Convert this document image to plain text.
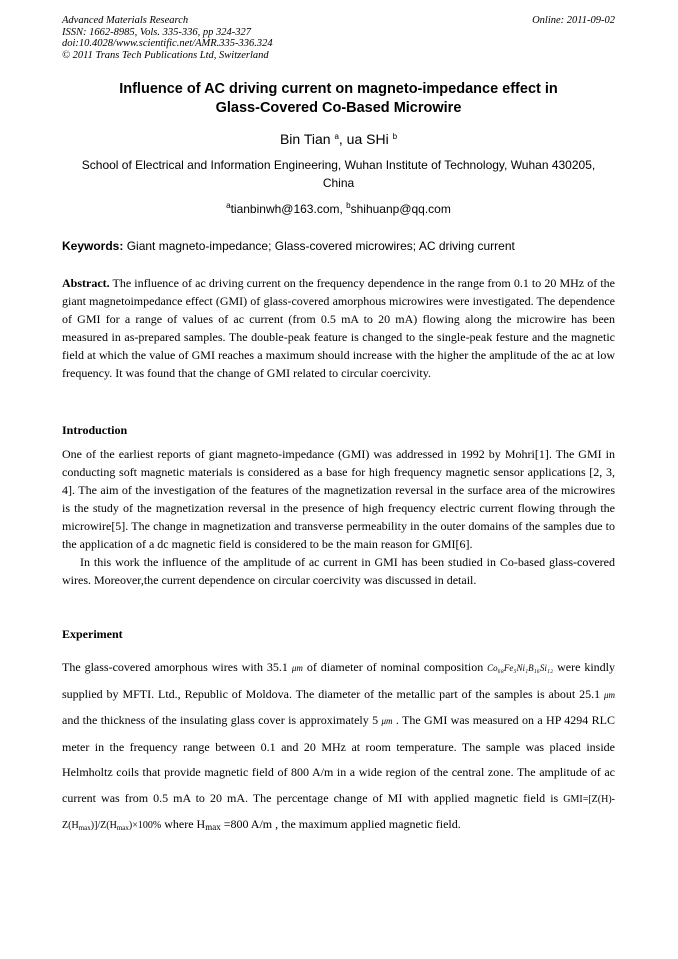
Advanced Materials Research
ISSN: 1662-8985, Vols. 335-336, pp 324-327
doi:10.4028/www.scientific.net/AMR.335-336.324
© 2011 Trans Tech Publications Ltd, Switzerland
Online: 2011-09-02
Influence of AC driving current on magneto-impedance effect in
Glass-Covered Co-Based Microwire
Bin Tian $^a$, ua SHi $^b$
School of Electrical and Information Engineering, Wuhan Institute of Technology, Wuhan 430205,
China
$^a$tianbinwh@163.com, $^b$shihuanp@qq.com
Keywords: Giant magneto-impedance; Glass-covered microwires; AC driving current
Abstract. The influence of ac driving current on the frequency dependence in the range from 0.1 to 20 MHz of the giant magnetoimpedance effect (GMI) of glass-covered amorphous microwires were investigated. The dependence of GMI for a range of values of ac current (from 0.5 mA to 20 mA) flowing along the microwire has been measured in as-prepared samples. The double-peak feature is changed to the single-peak festure and the magnetic field at which the value of GMI reaches a maximum should increase with the higher the amplitude of the ac at low frequency. It was found that the change of GMI related to circular coercivity.
Introduction

One of the earliest reports of giant magneto-impedance (GMI) was addressed in 1992 by Mohri[1]. The GMI in conducting soft magnetic materials is considered as a base for high frequency magnetic sensor applications [2, 3, 4]. The aim of the investigation of the features of the magnetization reversal in the surface area of the microwires is the study of the magnetization reversal in the presence of high frequency electric current flowing through the microwire[5]. The change in magnetization and transverse permeability in the outer domains of the samples due to the application of a dc magnetic field is considered to be the main reason for GMI[6].

In this work the influence of the amplitude of ac current in GMI has been studied in Co-based glass-covered wires. Moreover,the current dependence on circular coercivity was discussed in detail.

Experiment
The glass-covered amorphous wires with 35.1 μm of diameter of nominal composition Co₆₈Fe₅Ni₁B₁₆Si₁₂ were kindly supplied by MFTI. Ltd., Republic of Moldova. The diameter of the metallic part of the samples is about 25.1 μm and the thickness of the insulating glass cover is approximately 5 μm . The GMI was measured on a HP 4294 RLC meter in the frequency range between 0.1 and 20 MHz at room temperature. The sample was placed inside Helmholtz coils that provide magnetic field of 800 A/m in a wide region of the central zone. The amplitude of ac current was from 0.5 mA to 20 mA. The percentage change of MI with applied magnetic field is $GMI=[Z(H)-Z(H_{max})]/Z(H_{max})\times 100\%$ where $H_{max} =800$ A/m , the maximum applied magnetic field.
